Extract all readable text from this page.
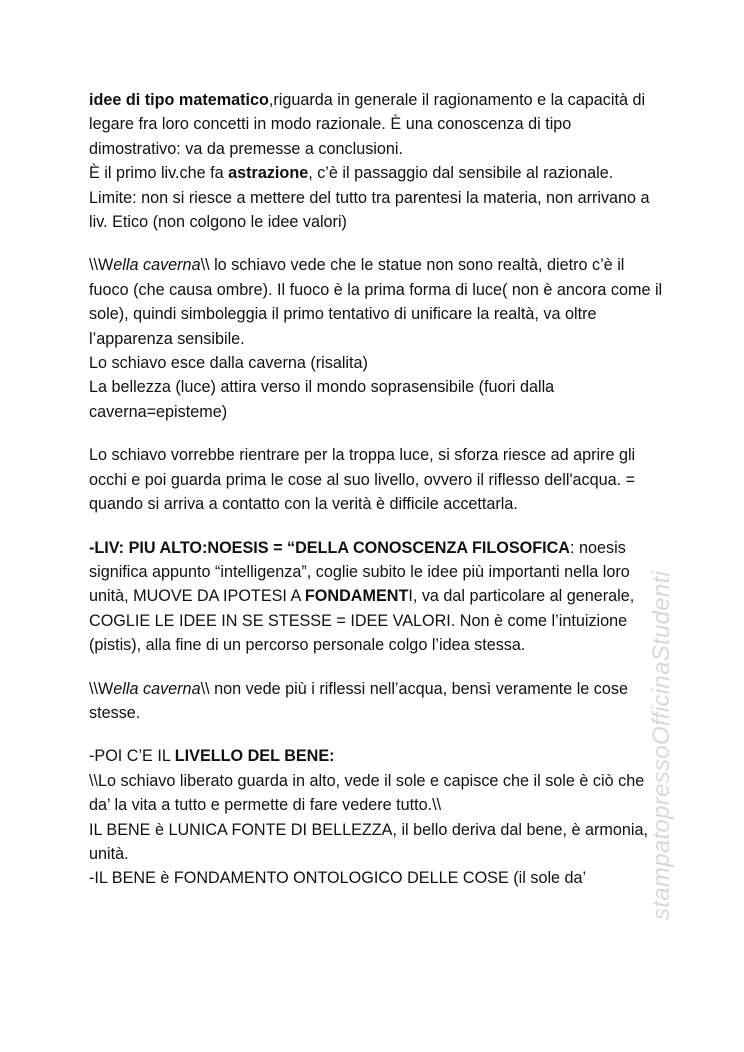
idee di tipo matematico,riguarda in generale il ragionamento e la capacità di legare fra loro concetti in modo razionale. È una conoscenza di tipo dimostrativo: va da premesse a conclusioni.
È il primo liv.che fa astrazione, c’è il passaggio dal sensibile al razionale.
Limite: non si riesce a mettere del tutto tra parentesi la materia, non arrivano a liv. Etico (non colgono le idee valori)

\\Wella caverna\\ lo schiavo vede che le statue non sono realtà, dietro c’è il fuoco (che causa ombre). Il fuoco è la prima forma di luce( non è ancora come il sole), quindi simboleggia il primo tentativo di unificare la realtà, va oltre l’apparenza sensibile.
Lo schiavo esce dalla caverna (risalita)
La bellezza (luce) attira verso il mondo soprasensibile (fuori dalla caverna=episteme)

Lo schiavo vorrebbe rientrare per la troppa luce, si sforza riesce ad aprire gli occhi e poi guarda prima le cose al suo livello, ovvero il riflesso dell'acqua. = quando si arriva a contatto con la verità è difficile accettarla.

-LIV: PIU ALTO:NOESIS = “DELLA CONOSCENZA FILOSOFICA: noesis significa appunto “intelligenza”, coglie subito le idee più importanti nella loro unità, MUOVE DA IPOTESI A FONDAMENTI, va dal particolare al generale, COGLIE LE IDEE IN SE STESSE = IDEE VALORI. Non è come l’intuizione (pistis), alla fine di un percorso personale colgo l’idea stessa.

\\Wella caverna\\ non vede più i riflessi nell’acqua, bensì veramente le cose stesse.

-POI C’E IL LIVELLO DEL BENE:
\\Lo schiavo liberato guarda in alto, vede il sole e capisce che il sole è ciò che da’ la vita a tutto e permette di fare vedere tutto.\\
IL BENE è LUNICA FONTE DI BELLEZZA, il bello deriva dal bene, è armonia, unità.
-IL BENE è FONDAMENTO ONTOLOGICO DELLE COSE (il sole da’	stampatopressoOfficinaStudenti
